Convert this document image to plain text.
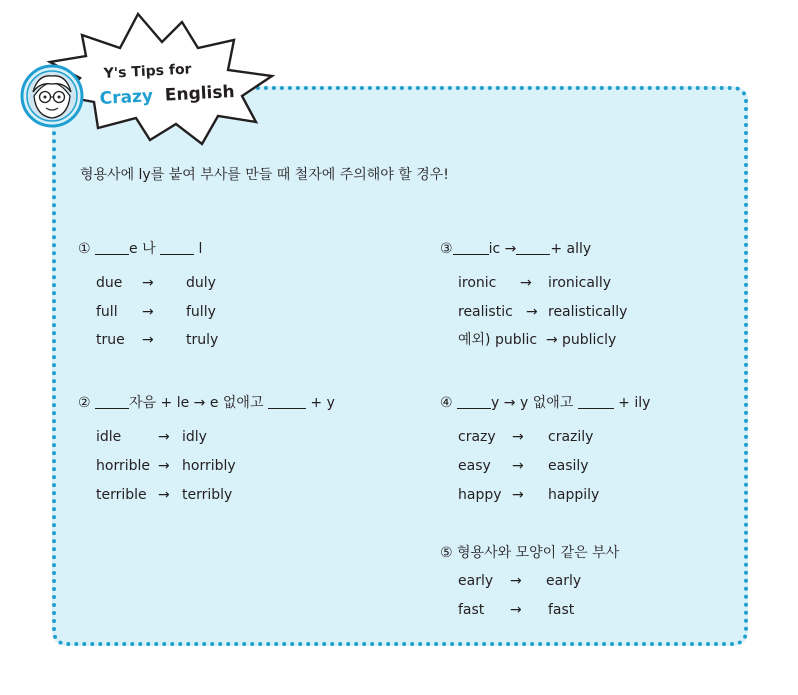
Y's Tips for
Crazy English
형용사에 ly를 붙여 부사를 만들 때 철자에 주의해야 할 경우!
①	e 나	l
due → duly
full → fully
true → truly
②	자음 + le → e 없애고	+ y
idle	→ idly
horrible → horribly
terrible → terribly
③	ic → + ally
ironic → ironically
realistic → realistically
예외) public → publicly
④	y → y 없애고	+ ily
crazy → crazily
easy → easily
happy → happily
⑤ 형용사와 모양이 같은 부사
early → early
fast → fast
